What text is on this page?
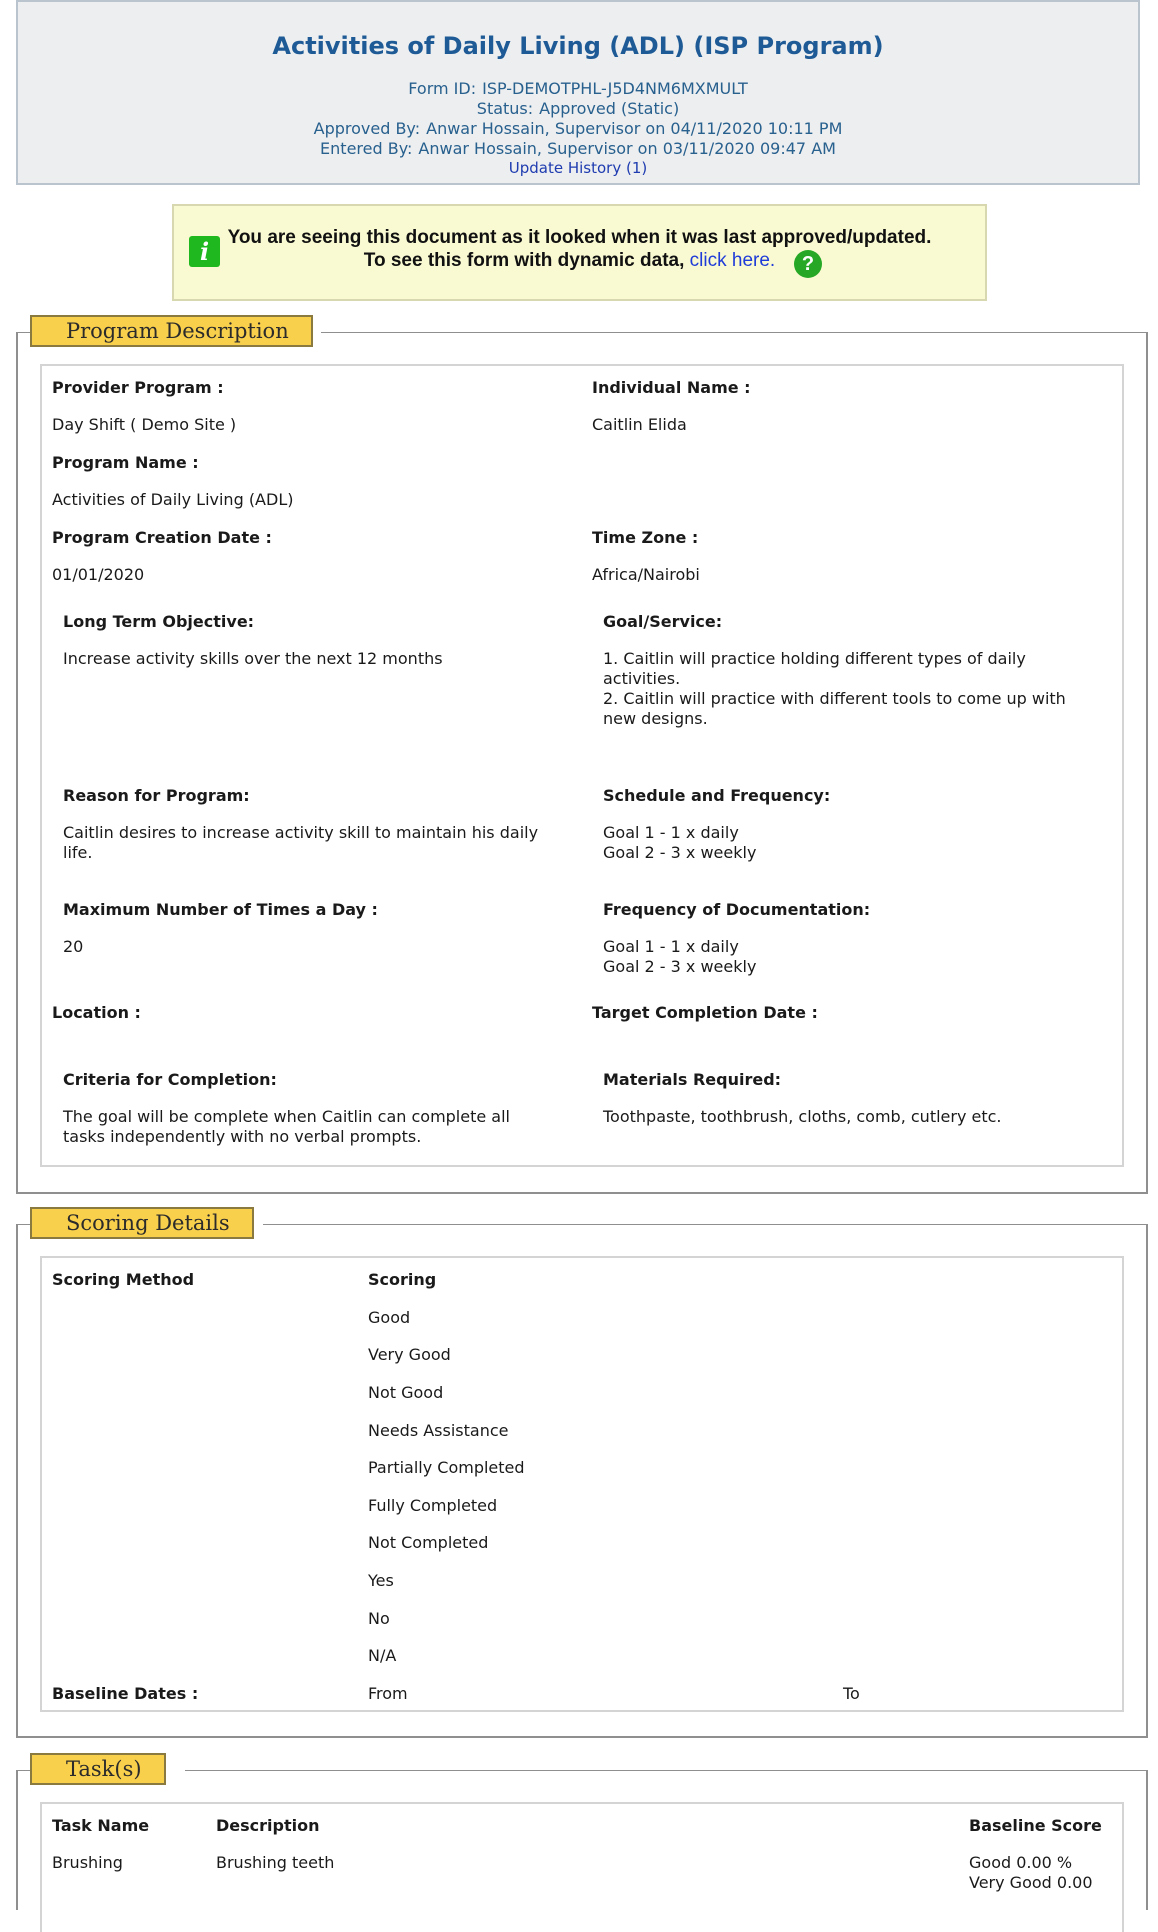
Activities of Daily Living (ADL) (ISP Program)
Form ID: ISP-DEMOTPHL-J5D4NM6MXMULT
Status: Approved (Static)
Approved By: Anwar Hossain, Supervisor on 04/11/2020 10:11 PM
Entered By: Anwar Hossain, Supervisor on 03/11/2020 09:47 AM
Update History (1)
i You are seeing this document as it looked when it was last approved/updated.
To see this form with dynamic data, click here.	?
Program Description
Provider Program :
Day Shift ( Demo Site )
Individual Name :
Caitlin Elida
Program Name :
Activities of Daily Living (ADL)
Program Creation Date :
01/01/2020
Time Zone :
Africa/Nairobi
Long Term Objective:
Increase activity skills over the next 12 months
Goal/Service:
1. Caitlin will practice holding different types of daily activities.
2. Caitlin will practice with different tools to come up with new designs.
Reason for Program:
Caitlin desires to increase activity skill to maintain his daily life.
Schedule and Frequency:
Goal 1 - 1 x daily
Goal 2 - 3 x weekly
Maximum Number of Times a Day :
20
Frequency of Documentation:
Goal 1 - 1 x daily
Goal 2 - 3 x weekly
Location :	Target Completion Date :
Criteria for Completion:
The goal will be complete when Caitlin can complete all tasks independently with no verbal prompts.
Materials Required:
Toothpaste, toothbrush, cloths, comb, cutlery etc.
Scoring Details
Scoring Method	Scoring
Good
Very Good
Not Good
Needs Assistance
Partially Completed
Fully Completed
Not Completed
Yes
No
N/A
Baseline Dates :	From	To
Task(s)
Task Name	Description	Baseline Score
Brushing	Brushing teeth	Good 0.00 %
Very Good 0.00
